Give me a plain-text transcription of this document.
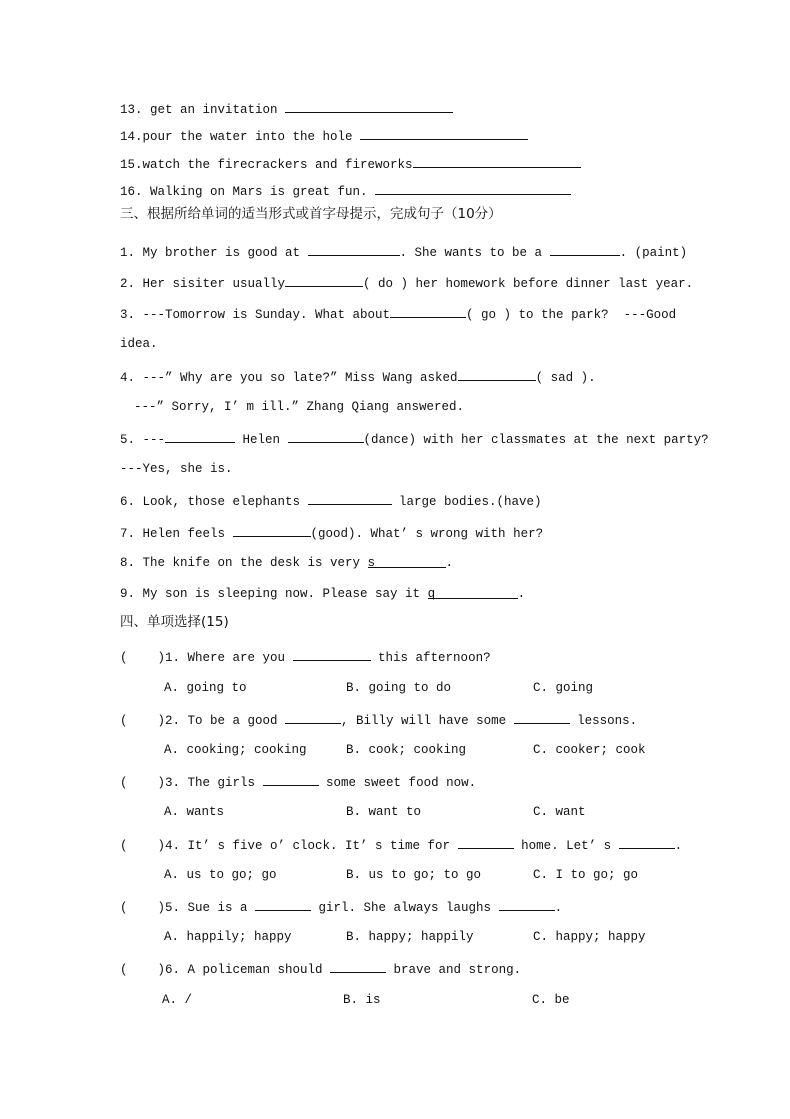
13. get an invitation
14.pour the water into the hole
15.watch the firecrackers and fireworks
16. Walking on Mars is great fun.
三、根据所给单词的适当形式或首字母提示，完成句子（10分）
1. My brother is good at	. She wants to be a	. (paint)
2. Her sisiter usually	( do ) her homework before dinner last year.
3. ---Tomorrow is Sunday. What about	( go ) to the park?  ---Good
idea.
4. ---” Why are you so late?” Miss Wang asked	( sad ).
---” Sorry, I’ m ill.” Zhang Qiang answered.
5. ---	Helen	(dance) with her classmates at the next party?
---Yes, she is.
6. Look, those elephants	large bodies.(have)
7. Helen feels	(good). What’ s wrong with her?
8. The knife on the desk is very s	.
9. My son is sleeping now. Please say it q	.
四、单项选择(15)
(    )1. Where are you	this afternoon?
A. going to	B. going to do	C. going
(    )2. To be a good	, Billy will have some	lessons.
A. cooking; cooking	B. cook; cooking	C. cooker; cook
(    )3. The girls	some sweet food now.
A. wants	B. want to	C. want
(    )4. It’ s five o’ clock. It’ s time for	home. Let’ s	.
A. us to go; go	B. us to go; to go	C. I to go; go
(    )5. Sue is a	girl. She always laughs	.
A. happily; happy	B. happy; happily	C. happy; happy
(    )6. A policeman should	brave and strong.
A. /	B. is	C. be
